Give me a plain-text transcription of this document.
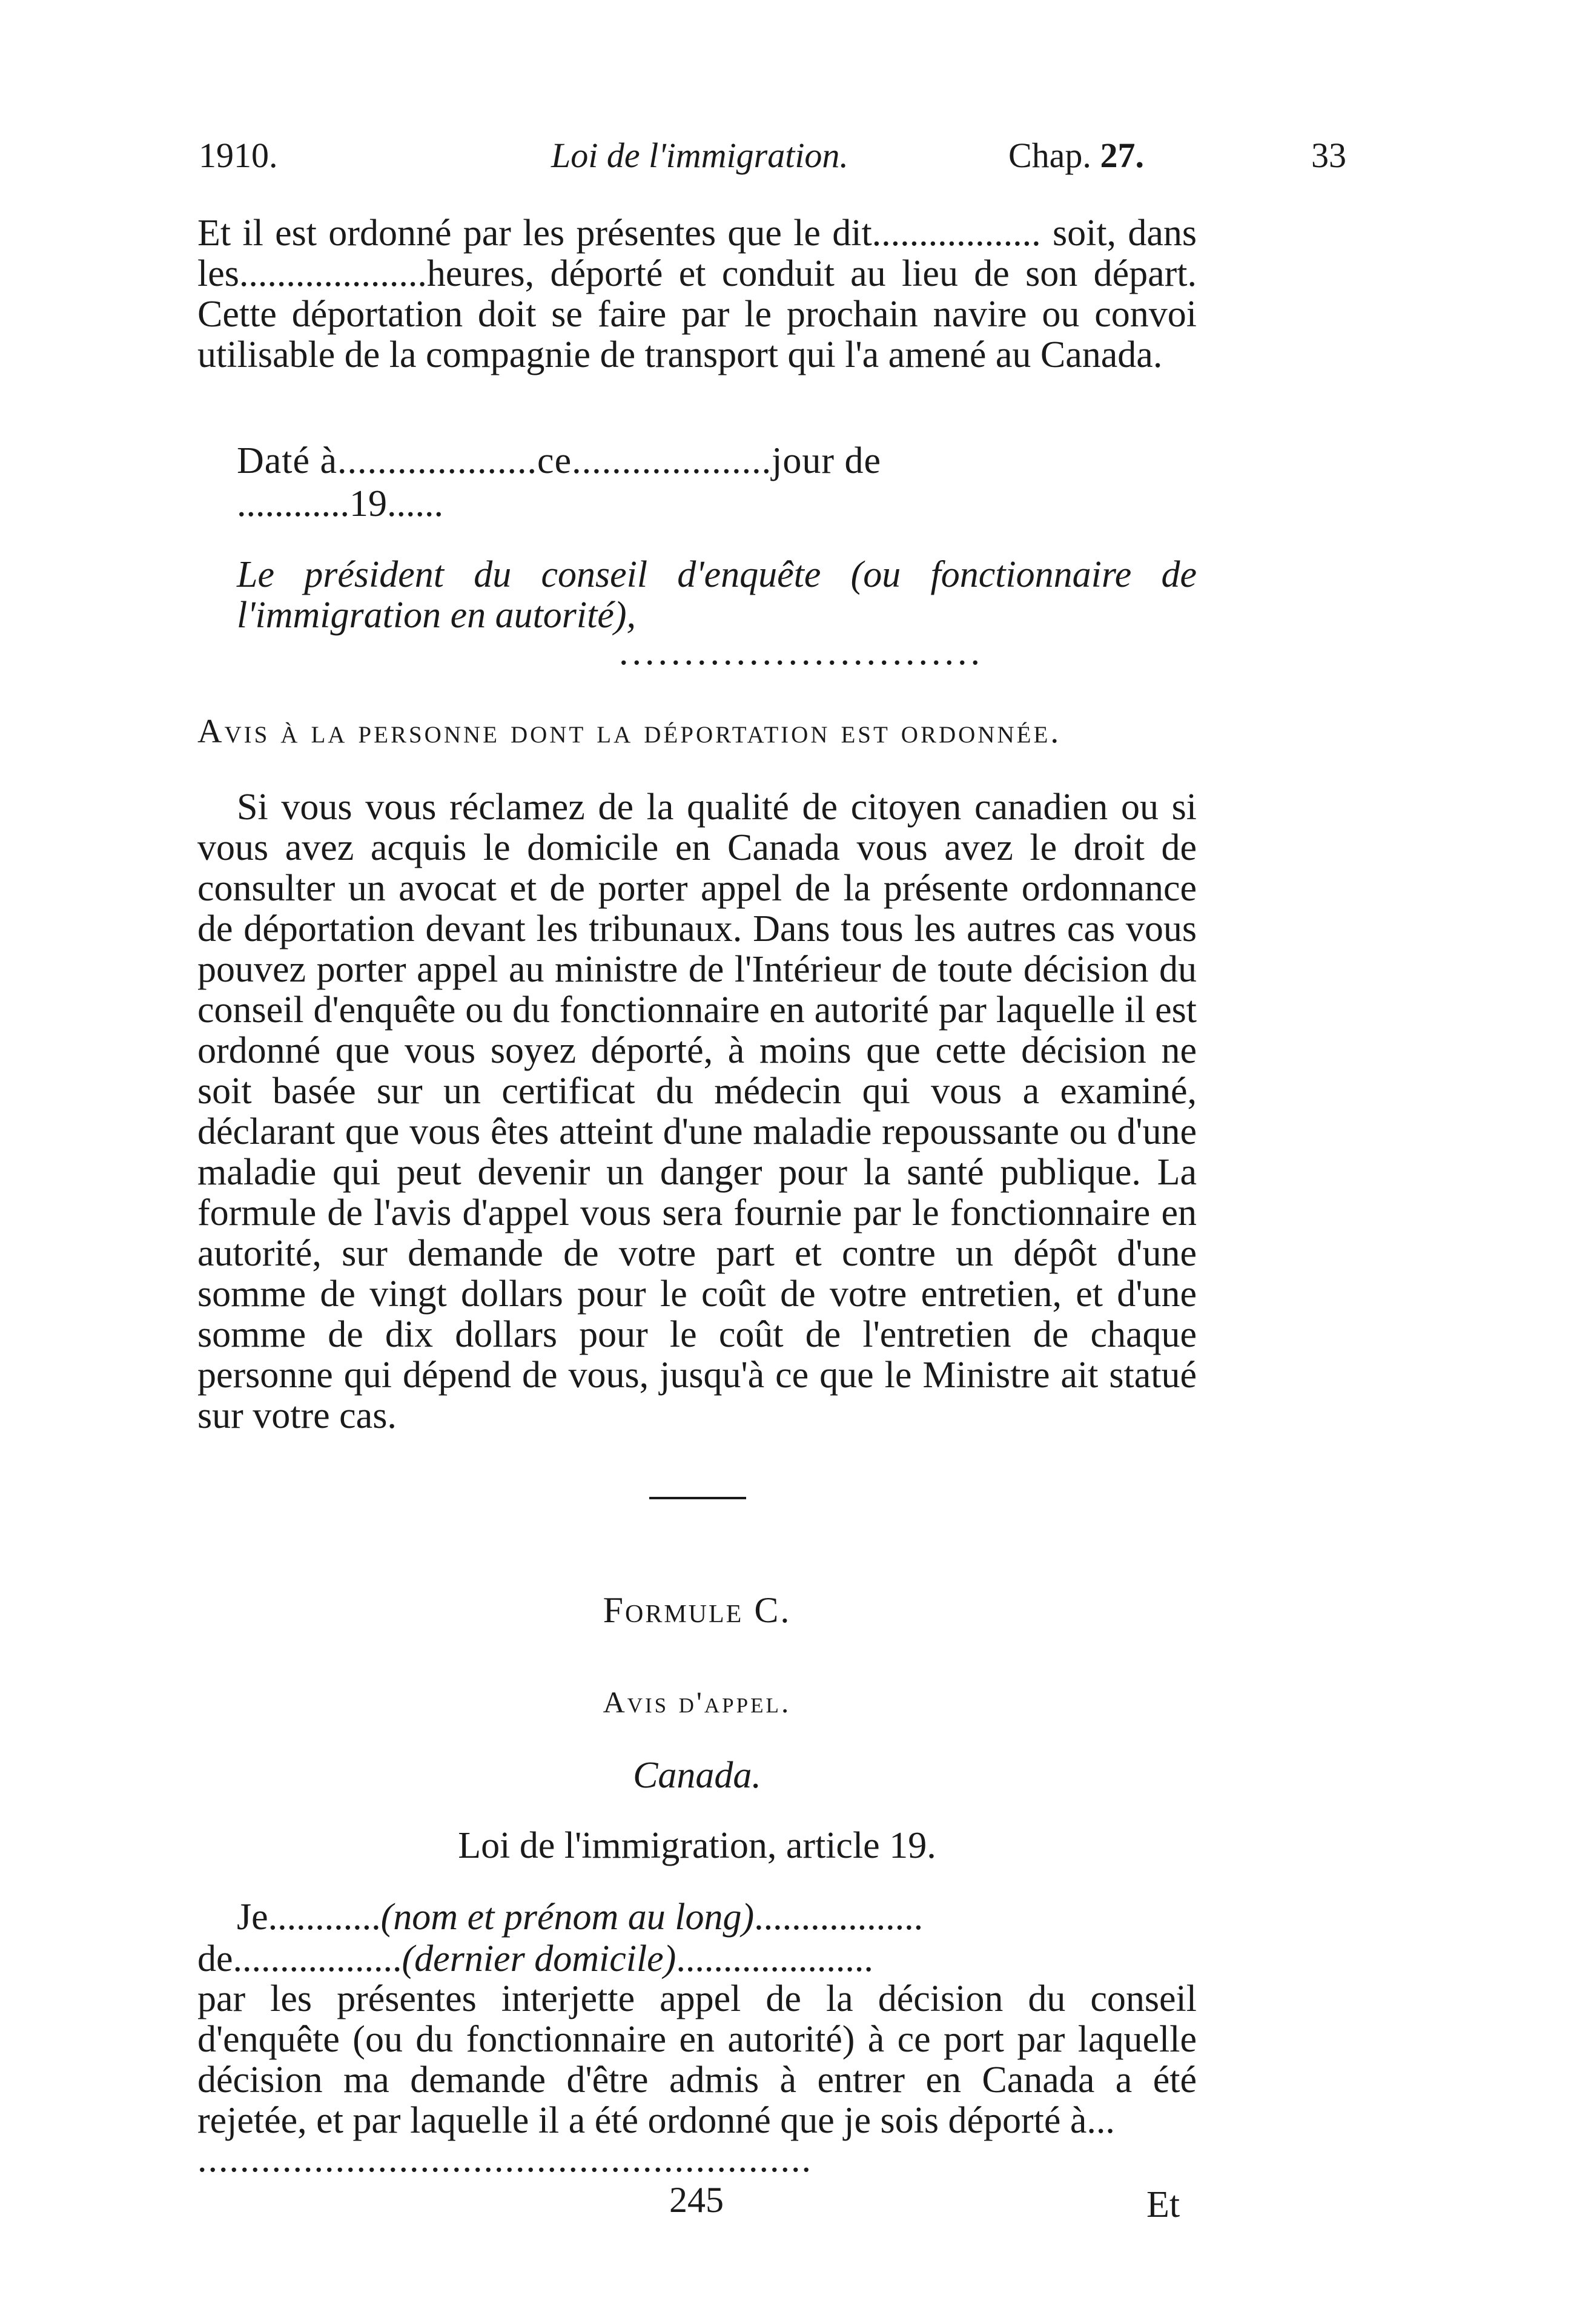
1910.	Loi de l'immigration.	Chap. 27.	33

Et il est ordonné par les présentes que le dit.................. soit, dans les....................heures, déporté et conduit au lieu de son départ. Cette déportation doit se faire par le prochain navire ou convoi utilisable de la compagnie de transport qui l'a amené au Canada.

Daté à....................ce....................jour de
............19......

Le président du conseil d'enquête (ou fonctionnaire de l'immigration en autorité),

............................
Avis à la personne dont la déportation est ordonnée.

Si vous vous réclamez de la qualité de citoyen canadien ou si vous avez acquis le domicile en Canada vous avez le droit de consulter un avocat et de porter appel de la présente ordonnance de déportation devant les tribunaux. Dans tous les autres cas vous pouvez porter appel au ministre de l'Intérieur de toute décision du conseil d'enquête ou du fonctionnaire en autorité par laquelle il est ordonné que vous soyez déporté, à moins que cette décision ne soit basée sur un certificat du médecin qui vous a examiné, déclarant que vous êtes atteint d'une maladie repoussante ou d'une maladie qui peut devenir un danger pour la santé publique. La formule de l'avis d'appel vous sera fournie par le fonctionnaire en autorité, sur demande de votre part et contre un dépôt d'une somme de vingt dollars pour le coût de votre entretien, et d'une somme de dix dollars pour le coût de l'entretien de chaque personne qui dépend de vous, jusqu'à ce que le Ministre ait statué sur votre cas.

Formule C.
Avis d'appel.
Canada.
Loi de l'immigration, article 19.
Je............(nom et prénom au long)..................
de..................(dernier domicile).....................

par les présentes interjette appel de la décision du conseil d'enquête (ou du fonctionnaire en autorité) à ce port par laquelle décision ma demande d'être admis à entrer en Canada a été rejetée, et par laquelle il a été ordonné que je sois déporté à...

..........................................................
245	Et
